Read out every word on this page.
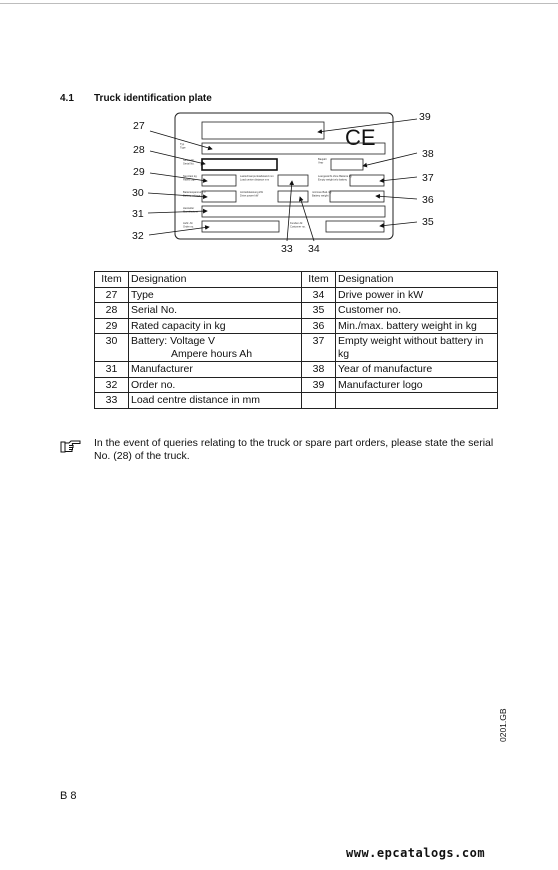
4.1 Truck identification plate
CE
Typ
Type
Serien-Nr.
Serial No.
Baujahr
Year
Nennlast kg
Rated cap.
Lastschwerpunktabstand mm
Load centre distance mm
Leergewicht ohne Batterie kg
Empty weight w/o battery
Batteriespannung V
Battery voltage
Antriebsleistung kW
Drive power kW
min/max Batt. kg
Battery weight
Hersteller
Manufacturer
Auftr.-Nr.
Order no.
Kunden-Nr.
Customer no.
27
28
29
30
31
32
33 34
35
36
37
38
39
Item	Designation	Item	Designation
27	Type	34	Drive power in kW
28	Serial No.	35	Customer no.
29	Rated capacity in kg	36	Min./max. battery weight in kg
30	Battery: Voltage V
Ampere hours Ah	37	Empty weight without battery in kg
31	Manufacturer	38	Year of manufacture
32	Order no.	39	Manufacturer logo
33	Load centre distance in mm		
In the event of queries relating to the truck or spare part orders, please state the serial No. (28) of the truck.
0201.GB
B 8
www.epcatalogs.com
